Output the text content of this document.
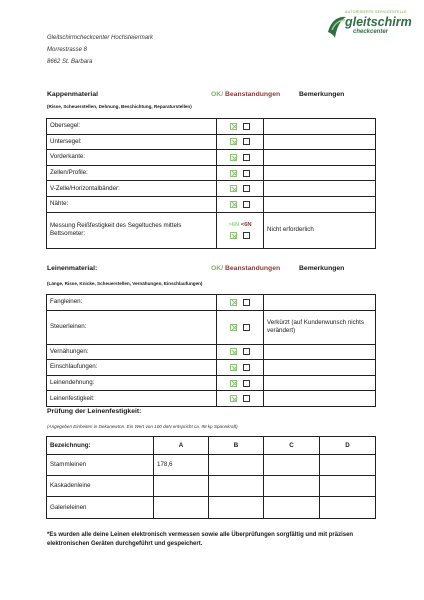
Gleitschirmcheckcenter Hochsteiermark
Morrestrasse 8
8662 St. Barbara
AUTORISIERTE SERVICESTELLE
gleitschirm
checkcenter
Kappenmaterial	OK/ Beanstandungen	Bemerkungen
(Risse, Scheuerstellen, Dehnung, Beschichtung, Reparaturstellen)
Obersegel:	

Untersegel:	

Vorderkante:	

Zellen/Profile:	

V-Zelle/Horizontalbänder:	

Nähte:	

Messung Reißfestigkeit des Segeltuches mittels Bettsometer:	>6N <6N	Nicht erforderlich
Leinenmaterial:	OK/ Beanstandungen	Bemerkungen
(Länge, Risse, Knicke, Scheuerstellen, Vernähungen, Einschlaufungen)
Fangleinen:	

Steuerleinen:		Verkürzt (auf Kundenwunsch nichts verändert)
Vernähungen:	

Einschlaufungen:	

Leinendehnung:	

Leinenfestigkeit:	

Prüfung der Leinenfestigkeit:
(Angegeben Einheiten in Dekanewton. Ein Wert von 100 daN entspricht ca. 98 kp Spannkraft)
Bezeichnung:	A	B	C	D
Stammleinen	178,6			
Kaskadenleine				
Galerieleinen				
*Es wurden alle deine Leinen elektronisch vermessen sowie alle Überprüfungen sorgfältig und mit präzisen elektronischen Geräten durchgeführt und gespeichert.
